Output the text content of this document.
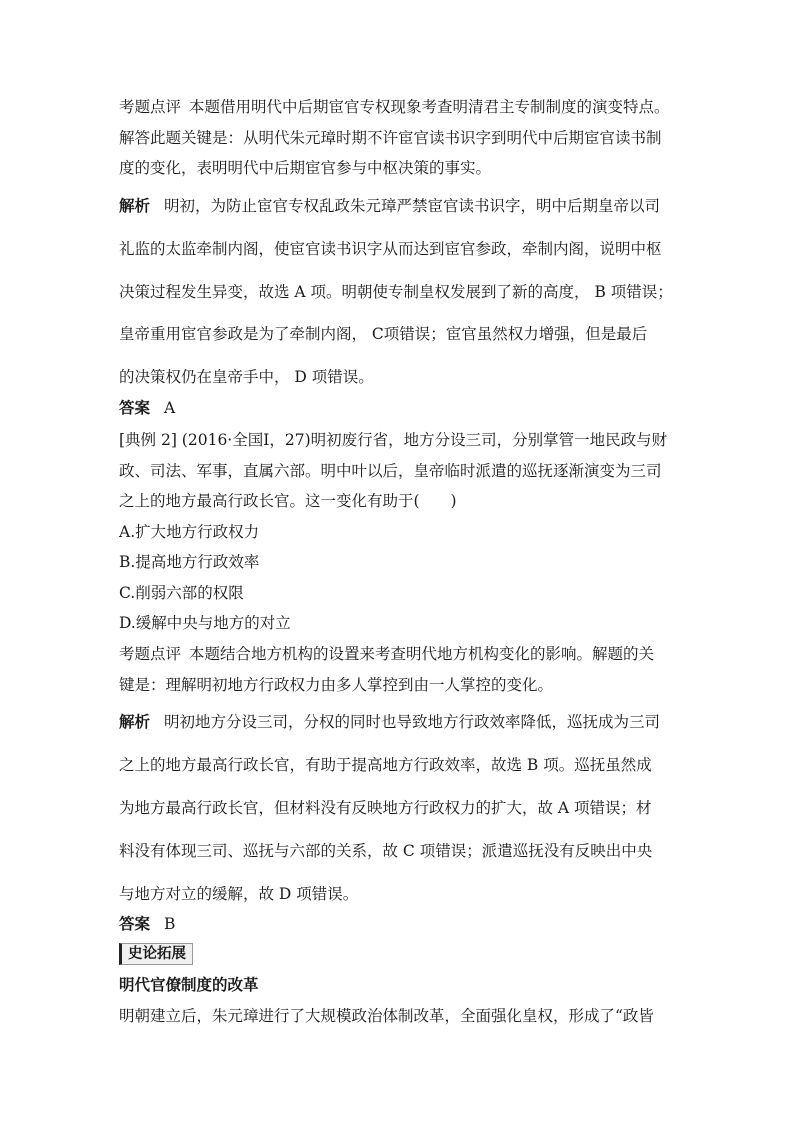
考题点评 本题借用明代中后期宦官专权现象考查明清君主专制制度的演变特点。
解答此题关键是：从明代朱元璋时期不许宦官读书识字到明代中后期宦官读书制
度的变化，表明明代中后期宦官参与中枢决策的事实。
解析 明初，为防止宦官专权乱政朱元璋严禁宦官读书识字，明中后期皇帝以司
礼监的太监牵制内阁，使宦官读书识字从而达到宦官参政，牵制内阁，说明中枢
决策过程发生异变，故选 A 项。明朝使专制皇权发展到了新的高度， B 项错误；
皇帝重用宦官参政是为了牵制内阁， C项错误；宦官虽然权力增强，但是最后
的决策权仍在皇帝手中， D 项错误。
答案 A
[典例 2] (2016·全国Ⅰ，27)明初废行省，地方分设三司，分别掌管一地民政与财
政、司法、军事，直属六部。明中叶以后，皇帝临时派遣的巡抚逐渐演变为三司
之上的地方最高行政长官。这一变化有助于(　　)
A.扩大地方行政权力
B.提高地方行政效率
C.削弱六部的权限
D.缓解中央与地方的对立
考题点评 本题结合地方机构的设置来考查明代地方机构变化的影响。解题的关
键是：理解明初地方行政权力由多人掌控到由一人掌控的变化。
解析 明初地方分设三司，分权的同时也导致地方行政效率降低，巡抚成为三司
之上的地方最高行政长官，有助于提高地方行政效率，故选 B 项。巡抚虽然成
为地方最高行政长官，但材料没有反映地方行政权力的扩大，故 A 项错误；材
料没有体现三司、巡抚与六部的关系，故 C 项错误；派遣巡抚没有反映出中央
与地方对立的缓解，故 D 项错误。
答案 B
史论拓展
明代官僚制度的改革
明朝建立后，朱元璋进行了大规模政治体制改革，全面强化皇权，形成了“政皆
